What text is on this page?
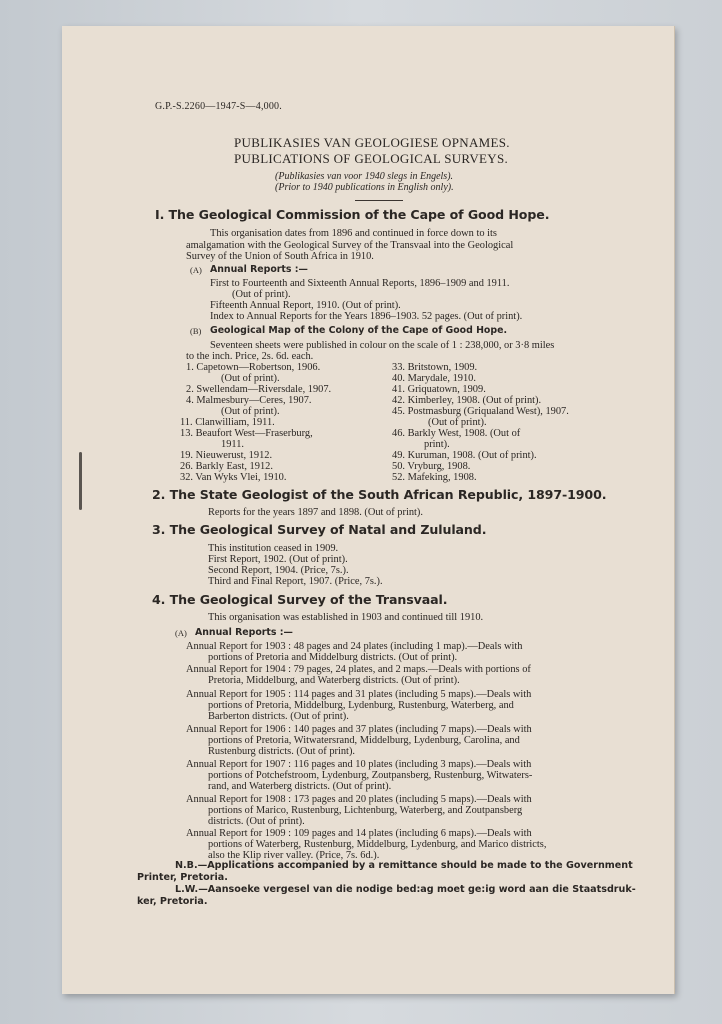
G.P.-S.2260—1947-S—4,000.
PUBLIKASIES VAN GEOLOGIESE OPNAMES.
PUBLICATIONS OF GEOLOGICAL SURVEYS.
(Publikasies van voor 1940 slegs in Engels).
(Prior to 1940 publications in English only).
I. The Geological Commission of the Cape of Good Hope.
This organisation dates from 1896 and continued in force down to its
amalgamation with the Geological Survey of the Transvaal into the Geological
Survey of the Union of South Africa in 1910.
(A) Annual Reports :—
First to Fourteenth and Sixteenth Annual Reports, 1896–1909 and 1911.
(Out of print).
Fifteenth Annual Report, 1910. (Out of print).
Index to Annual Reports for the Years 1896–1903. 52 pages. (Out of print).
(B) Geological Map of the Colony of the Cape of Good Hope.
Seventeen sheets were published in colour on the scale of 1 : 238,000, or 3·8 miles
to the inch. Price, 2s. 6d. each.
1. Capetown—Robertson, 1906.
(Out of print).
2. Swellendam—Riversdale, 1907.
4. Malmesbury—Ceres, 1907.
(Out of print).
11. Clanwilliam, 1911.
13. Beaufort West—Fraserburg,
1911.
19. Nieuwerust, 1912.
26. Barkly East, 1912.
32. Van Wyks Vlei, 1910.
33. Britstown, 1909.
40. Marydale, 1910.
41. Griquatown, 1909.
42. Kimberley, 1908. (Out of print).
45. Postmasburg (Griqualand West), 1907.
(Out of print).
46. Barkly West, 1908. (Out of
print).
49. Kuruman, 1908. (Out of print).
50. Vryburg, 1908.
52. Mafeking, 1908.
2. The State Geologist of the South African Republic, 1897-1900.
Reports for the years 1897 and 1898. (Out of print).
3. The Geological Survey of Natal and Zululand.
This institution ceased in 1909.
First Report, 1902. (Out of print).
Second Report, 1904. (Price, 7s.).
Third and Final Report, 1907. (Price, 7s.).
4. The Geological Survey of the Transvaal.
This organisation was established in 1903 and continued till 1910.
(A) Annual Reports :—
Annual Report for 1903 : 48 pages and 24 plates (including 1 map).—Deals with
portions of Pretoria and Middelburg districts. (Out of print).
Annual Report for 1904 : 79 pages, 24 plates, and 2 maps.—Deals with portions of
Pretoria, Middelburg, and Waterberg districts. (Out of print).
Annual Report for 1905 : 114 pages and 31 plates (including 5 maps).—Deals with
portions of Pretoria, Middelburg, Lydenburg, Rustenburg, Waterberg, and
Barberton districts. (Out of print).
Annual Report for 1906 : 140 pages and 37 plates (including 7 maps).—Deals with
portions of Pretoria, Witwatersrand, Middelburg, Lydenburg, Carolina, and
Rustenburg districts. (Out of print).
Annual Report for 1907 : 116 pages and 10 plates (including 3 maps).—Deals with
portions of Potchefstroom, Lydenburg, Zoutpansberg, Rustenburg, Witwaters-
rand, and Waterberg districts. (Out of print).
Annual Report for 1908 : 173 pages and 20 plates (including 5 maps).—Deals with
portions of Marico, Rustenburg, Lichtenburg, Waterberg, and Zoutpansberg
districts. (Out of print).
Annual Report for 1909 : 109 pages and 14 plates (including 6 maps).—Deals with
portions of Waterberg, Rustenburg, Middelburg, Lydenburg, and Marico districts,
also the Klip river valley. (Price, 7s. 6d.).
N.B.—Applications accompanied by a remittance should be made to the Government
Printer, Pretoria.
L.W.—Aansoeke vergesel van die nodige bed:ag moet ge:ig word aan die Staatsdruk-
ker, Pretoria.
